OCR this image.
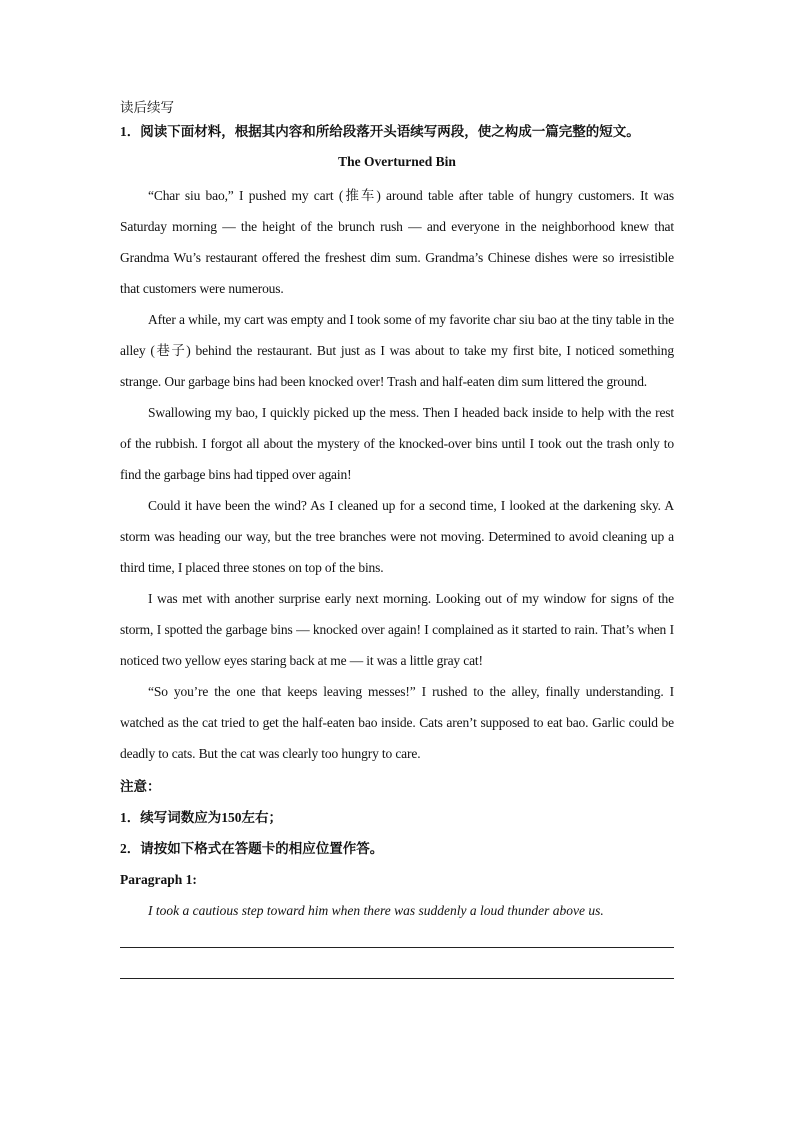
读后续写
1．阅读下面材料，根据其内容和所给段落开头语续写两段，使之构成一篇完整的短文。
The Overturned Bin

“Char siu bao,” I pushed my cart (推车) around table after table of hungry customers. It was Saturday morning — the height of the brunch rush — and everyone in the neighborhood knew that Grandma Wu’s restaurant offered the freshest dim sum. Grandma’s Chinese dishes were so irresistible that customers were numerous.

After a while, my cart was empty and I took some of my favorite char siu bao at the tiny table in the alley (巷子) behind the restaurant. But just as I was about to take my first bite, I noticed something strange. Our garbage bins had been knocked over! Trash and half-eaten dim sum littered the ground.

Swallowing my bao, I quickly picked up the mess. Then I headed back inside to help with the rest of the rubbish. I forgot all about the mystery of the knocked-over bins until I took out the trash only to find the garbage bins had tipped over again!

Could it have been the wind? As I cleaned up for a second time, I looked at the darkening sky. A storm was heading our way, but the tree branches were not moving. Determined to avoid cleaning up a third time, I placed three stones on top of the bins.

I was met with another surprise early next morning. Looking out of my window for signs of the storm, I spotted the garbage bins — knocked over again! I complained as it started to rain. That’s when I noticed two yellow eyes staring back at me — it was a little gray cat!

“So you’re the one that keeps leaving messes!” I rushed to the alley, finally understanding. I watched as the cat tried to get the half-eaten bao inside. Cats aren’t supposed to eat bao. Garlic could be deadly to cats. But the cat was clearly too hungry to care.

注意：
1．续写词数应为150左右；
2．请按如下格式在答题卡的相应位置作答。
Paragraph 1:
I took a cautious step toward him when there was suddenly a loud thunder above us.
